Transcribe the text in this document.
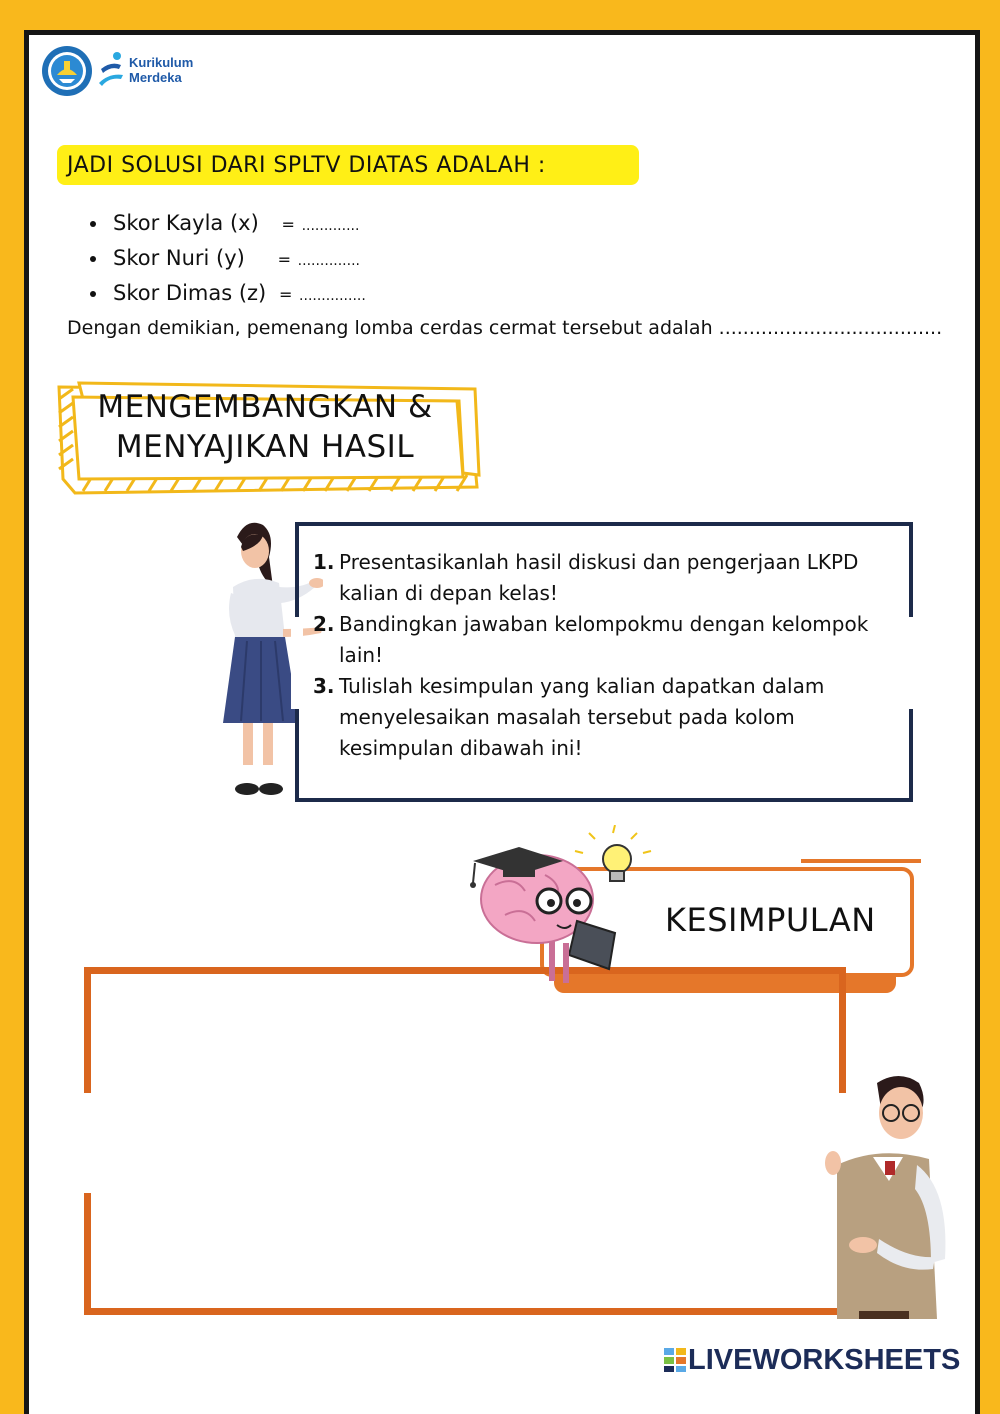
Kurikulum
Merdeka
JADI SOLUSI DARI SPLTV DIATAS ADALAH :
• Skor Kayla (x) = .............
• Skor Nuri (y) = ..............
• Skor Dimas (z) = ...............
Dengan demikian, pemenang lomba cerdas cermat tersebut adalah .....................................
MENGEMBANGKAN &
MENYAJIKAN HASIL
1. Presentasikanlah hasil diskusi dan pengerjaan LKPD kalian di depan kelas!
2. Bandingkan jawaban kelompokmu dengan kelompok lain!
3. Tulislah kesimpulan yang kalian dapatkan dalam menyelesaikan masalah tersebut pada kolom kesimpulan dibawah ini!
KESIMPULAN
LIVEWORKSHEETS
